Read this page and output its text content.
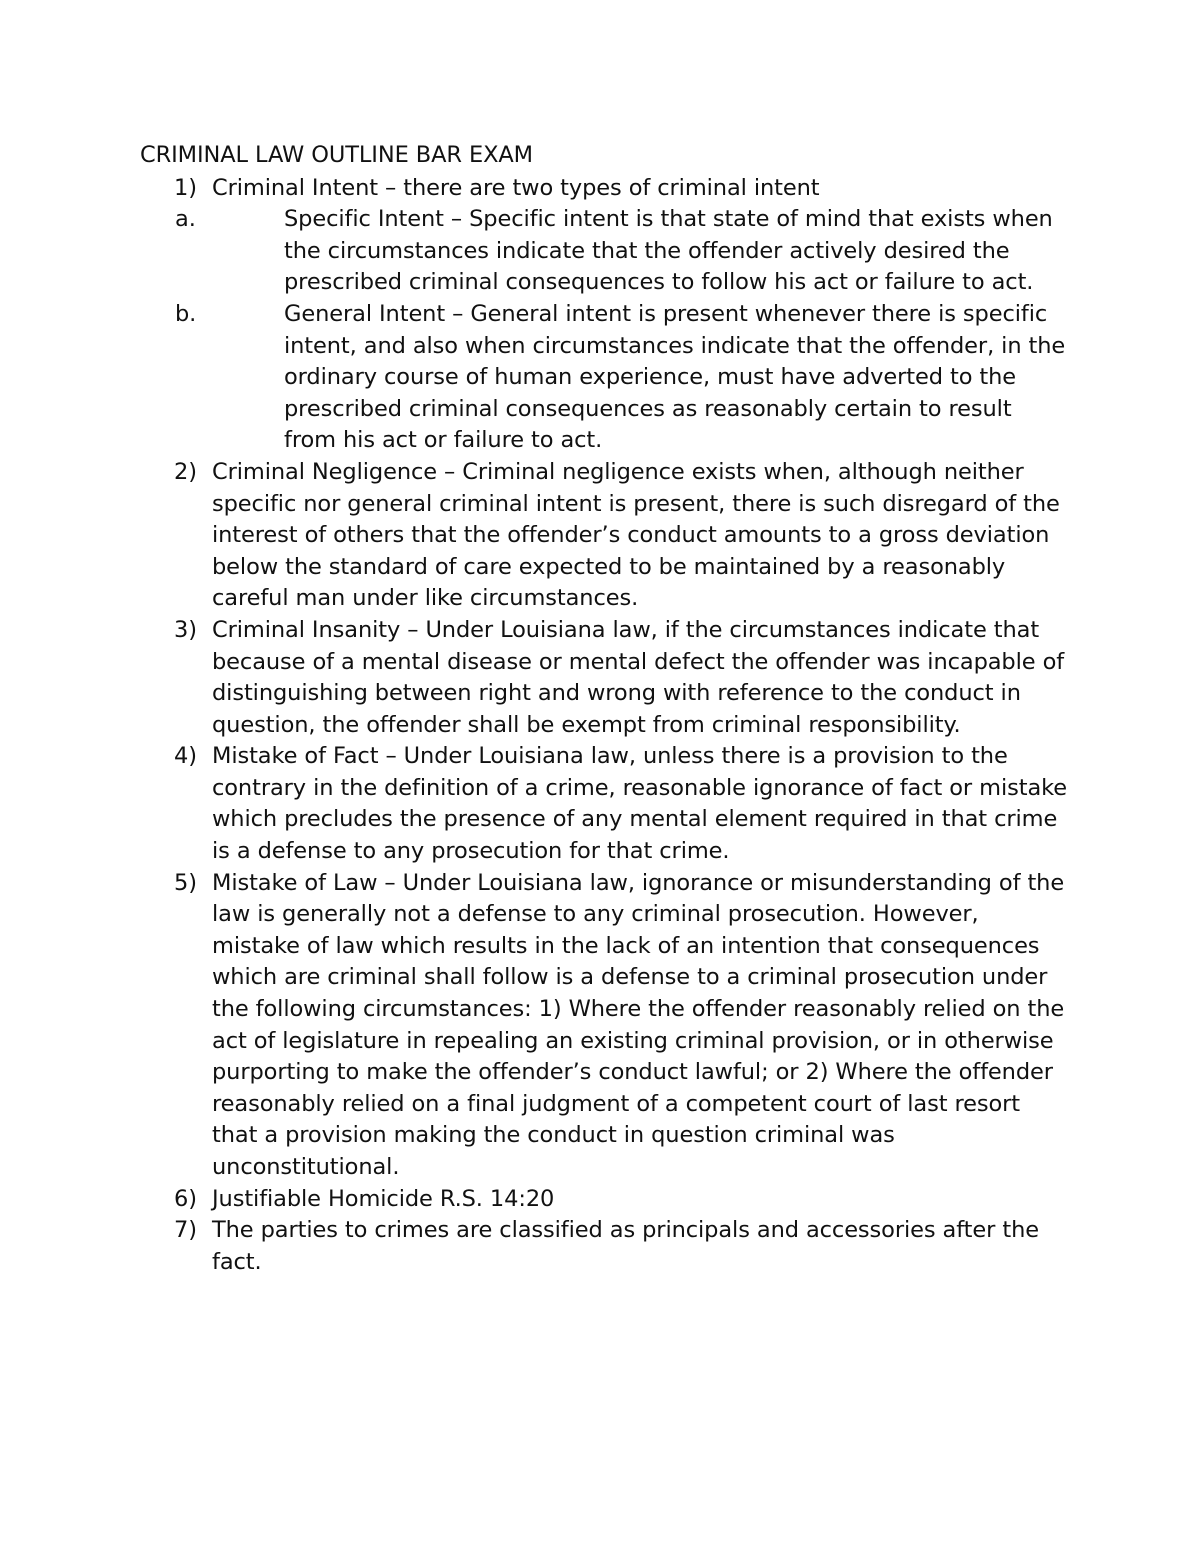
CRIMINAL LAW OUTLINE BAR EXAM
1) Criminal Intent – there are two types of criminal intent
a.	Specific Intent – Specific intent is that state of mind that exists when the circumstances indicate that the offender actively desired the prescribed criminal consequences to follow his act or failure to act.
b.	General Intent – General intent is present whenever there is specific intent, and also when circumstances indicate that the offender, in the ordinary course of human experience, must have adverted to the prescribed criminal consequences as reasonably certain to result from his act or failure to act.
2) Criminal Negligence – Criminal negligence exists when, although neither specific nor general criminal intent is present, there is such disregard of the interest of others that the offender’s conduct amounts to a gross deviation below the standard of care expected to be maintained by a reasonably careful man under like circumstances.
3) Criminal Insanity – Under Louisiana law, if the circumstances indicate that because of a mental disease or mental defect the offender was incapable of distinguishing between right and wrong with reference to the conduct in question, the offender shall be exempt from criminal responsibility.
4) Mistake of Fact – Under Louisiana law, unless there is a provision to the contrary in the definition of a crime, reasonable ignorance of fact or mistake which precludes the presence of any mental element required in that crime is a defense to any prosecution for that crime.
5) Mistake of Law – Under Louisiana law, ignorance or misunderstanding of the law is generally not a defense to any criminal prosecution. However, mistake of law which results in the lack of an intention that consequences which are criminal shall follow is a defense to a criminal prosecution under the following circumstances: 1) Where the offender reasonably relied on the act of legislature in repealing an existing criminal provision, or in otherwise purporting to make the offender’s conduct lawful; or 2) Where the offender reasonably relied on a final judgment of a competent court of last resort that a provision making the conduct in question criminal was unconstitutional.
6) Justifiable Homicide R.S. 14:20
7) The parties to crimes are classified as principals and accessories after the fact.
